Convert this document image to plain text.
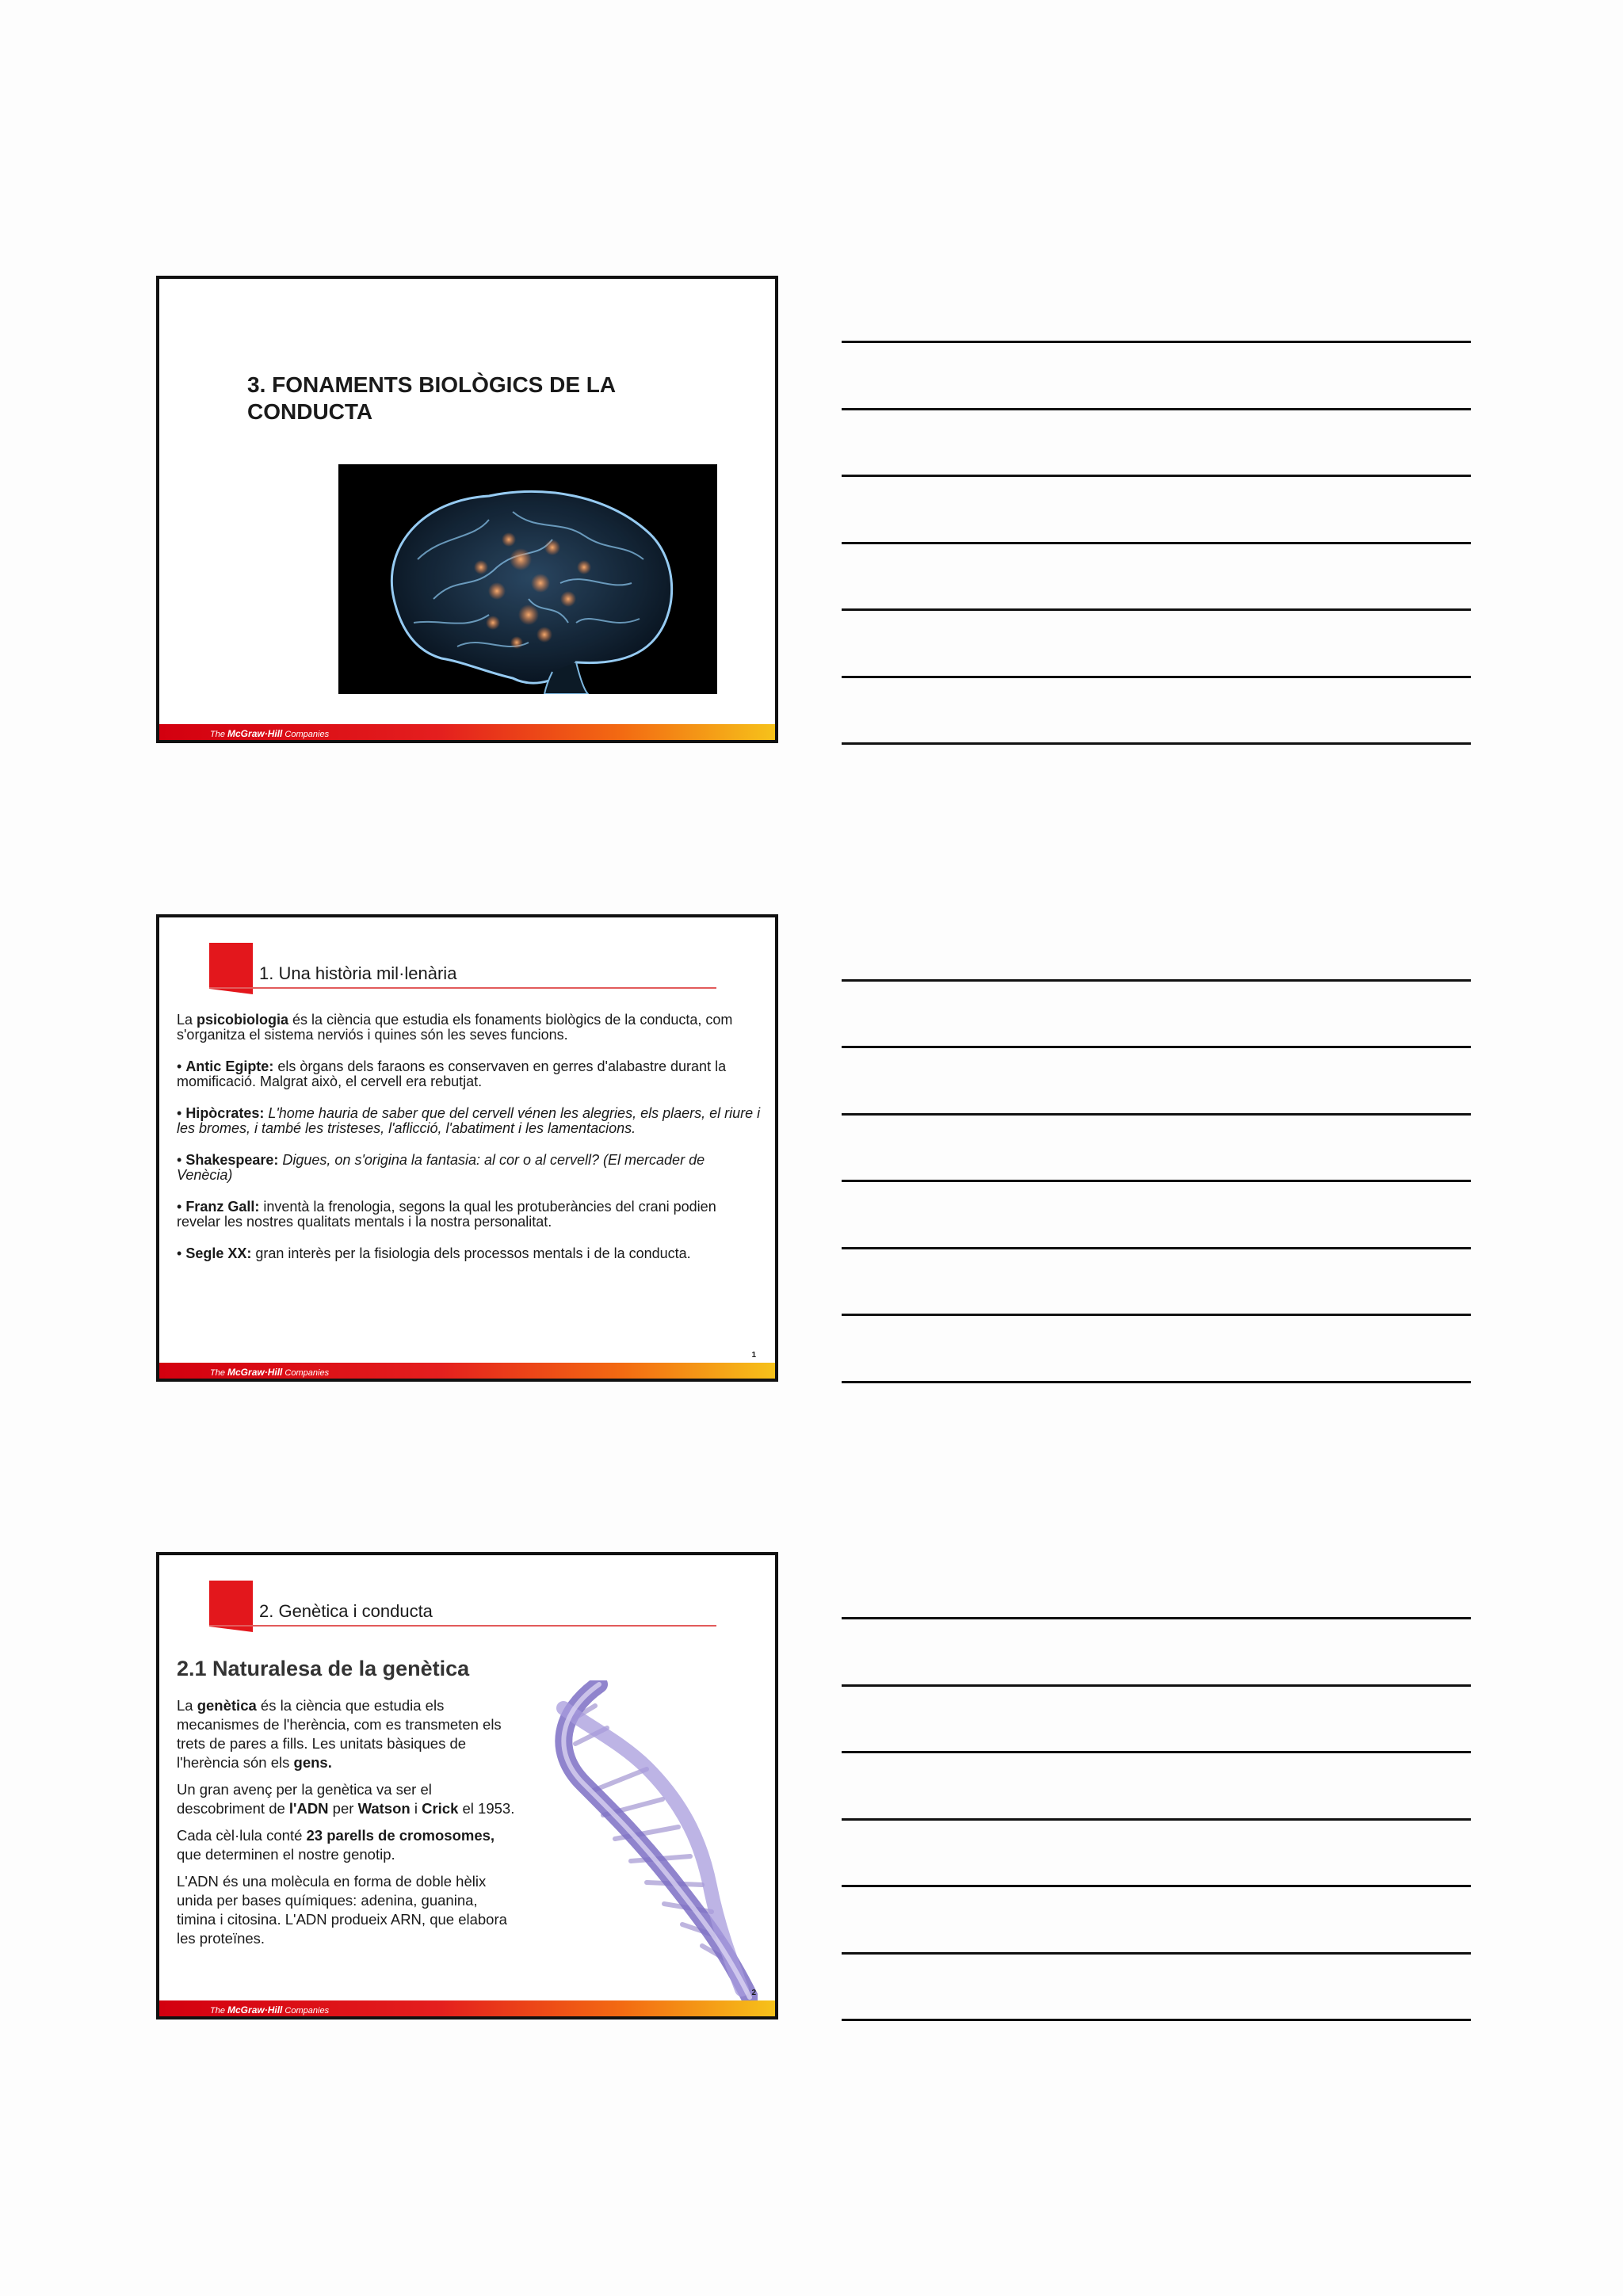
3. FONAMENTS BIOLÒGICS DE LA
CONDUCTA
The McGraw·Hill Companies
1. Una història mil·lenària

La psicobiologia és la ciència que estudia els fonaments biològics de la conducta, com s'organitza el sistema nerviós i quines són les seves funcions.

• Antic Egipte: els òrgans dels faraons es conservaven en gerres d'alabastre durant la momificació. Malgrat això, el cervell era rebutjat.

• Hipòcrates: L'home hauria de saber que del cervell vénen les alegries, els plaers, el riure i les bromes, i també les tristeses, l'aflicció, l'abatiment i les lamentacions.

• Shakespeare: Digues, on s'origina la fantasia: al cor o al cervell? (El mercader de Venècia)

• Franz Gall: inventà la frenologia, segons la qual les protuberàncies del crani podien revelar les nostres qualitats mentals i la nostra personalitat.

• Segle XX: gran interès per la fisiologia dels processos mentals i de la conducta.

1
The McGraw·Hill Companies
2. Genètica i conducta
2.1 Naturalesa de la genètica

La genètica és la ciència que estudia els mecanismes de l'herència, com es transmeten els trets de pares a fills. Les unitats bàsiques de l'herència són els gens.

Un gran avenç per la genètica va ser el descobriment de l'ADN per Watson i Crick el 1953.

Cada cèl·lula conté 23 parells de cromosomes, que determinen el nostre genotip.

L'ADN és una molècula en forma de doble hèlix unida per bases químiques: adenina, guanina, timina i citosina. L'ADN produeix ARN, que elabora les proteïnes.

2
The McGraw·Hill Companies
